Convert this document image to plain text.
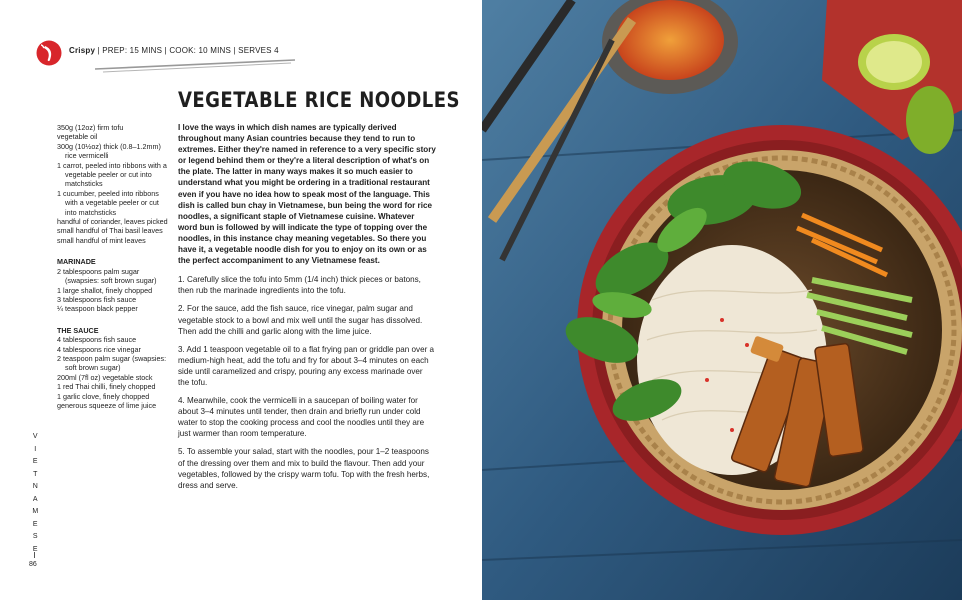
Crispy | PREP: 15 MINS | COOK: 10 MINS | SERVES 4
VEGETABLE RICE NOODLES
350g (12oz) firm tofu
vegetable oil
300g (10½oz) thick (0.8–1.2mm) rice vermicelli
1 carrot, peeled into ribbons with a vegetable peeler or cut into matchsticks
1 cucumber, peeled into ribbons with a vegetable peeler or cut into matchsticks
handful of coriander, leaves picked
small handful of Thai basil leaves
small handful of mint leaves
MARINADE
2 tablespoons palm sugar (swapsies: soft brown sugar)
1 large shallot, finely chopped
3 tablespoons fish sauce
¼ teaspoon black pepper
THE SAUCE
4 tablespoons fish sauce
4 tablespoons rice vinegar
2 teaspoon palm sugar (swapsies: soft brown sugar)
200ml (7fl oz) vegetable stock
1 red Thai chilli, finely chopped
1 garlic clove, finely chopped
generous squeeze of lime juice

I love the ways in which dish names are typically derived throughout many Asian countries because they tend to run to extremes. Either they're named in reference to a very specific story or legend behind them or they're a literal description of what's on the plate. The latter in many ways makes it so much easier to understand what you might be ordering in a traditional restaurant even if you have no idea how to speak most of the language. This dish is called bun chay in Vietnamese, bun being the word for rice noodles, a significant staple of Vietnamese cuisine. Whatever word bun is followed by will indicate the type of topping over the noodles, in this instance chay meaning vegetables. So there you have it, a vegetable noodle dish for you to enjoy on its own or as the perfect accompaniment to any Vietnamese feast.

1. Carefully slice the tofu into 5mm (1/4 inch) thick pieces or batons, then rub the marinade ingredients into the tofu.

2. For the sauce, add the fish sauce, rice vinegar, palm sugar and vegetable stock to a bowl and mix well until the sugar has dissolved. Then add the chilli and garlic along with the lime juice.

3. Add 1 teaspoon vegetable oil to a flat frying pan or griddle pan over a medium-high heat, add the tofu and fry for about 3–4 minutes on each side until caramelized and crispy, pouring any excess marinade over the tofu.

4. Meanwhile, cook the vermicelli in a saucepan of boiling water for about 3–4 minutes until tender, then drain and briefly run under cold water to stop the cooking process and cool the noodles until they are just warmer than room temperature.

5. To assemble your salad, start with the noodles, pour 1–2 teaspoons of the dressing over them and mix to build the flavour. Then add your vegetables, followed by the crispy warm tofu. Top with the fresh herbs, dress and serve.

V
I
E
T
N
A
M
E
S
E
86
